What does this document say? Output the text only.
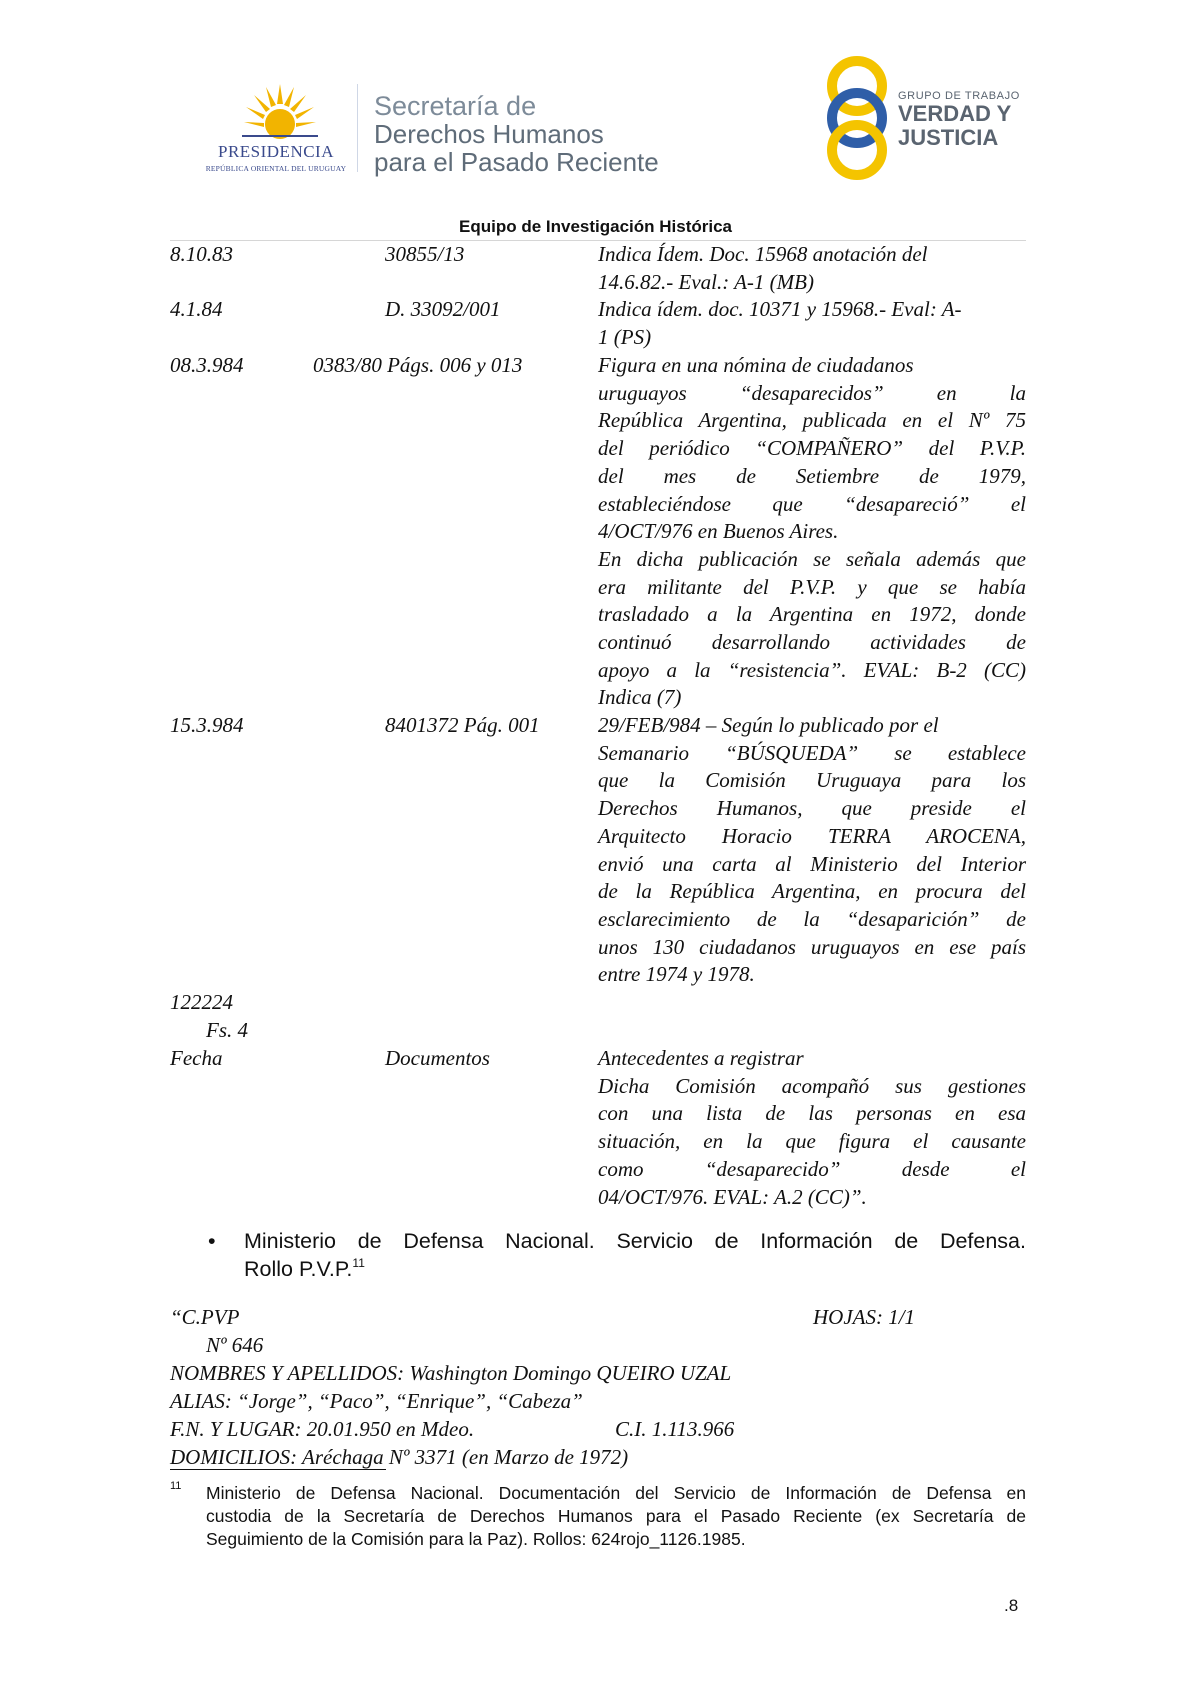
PRESIDENCIA
REPÚBLICA ORIENTAL DEL URUGUAY
Secretaría de
Derechos Humanos
para el Pasado Reciente
GRUPO DE TRABAJO
VERDAD Y
JUSTICIA
Equipo de Investigación Histórica
8.10.83	30855/13	Indica Ídem. Doc. 15968 anotación del
14.6.82.- Eval.: A-1 (MB)
4.1.84	D. 33092/001	Indica ídem. doc. 10371 y 15968.- Eval: A-
1 (PS)
08.3.984	0383/80 Págs. 006 y 013	Figura en una nómina de ciudadanos
uruguayos “desaparecidos” en la
República Argentina, publicada en el Nº 75
del periódico “COMPAÑERO” del P.V.P.
del mes de Setiembre de 1979,
estableciéndose que “desapareció” el
4/OCT/976 en Buenos Aires.
En dicha publicación se señala además que
era militante del P.V.P. y que se había
trasladado a la Argentina en 1972, donde
continuó desarrollando actividades de
apoyo a la “resistencia”. EVAL: B-2 (CC)
Indica (7)
15.3.984	8401372 Pág. 001	29/FEB/984 – Según lo publicado por el
Semanario “BÚSQUEDA” se establece
que la Comisión Uruguaya para los
Derechos Humanos, que preside el
Arquitecto Horacio TERRA AROCENA,
envió una carta al Ministerio del Interior
de la República Argentina, en procura del
esclarecimiento de la “desaparición” de
unos 130 ciudadanos uruguayos en ese país
entre 1974 y 1978.
122224
Fs. 4
Fecha	Documentos	Antecedentes a registrar
Dicha Comisión acompañó sus gestiones
con una lista de las personas en esa
situación, en la que figura el causante
como “desaparecido” desde el
04/OCT/976. EVAL: A.2 (CC)”.
• Ministerio de Defensa Nacional. Servicio de Información de Defensa.
Rollo P.V.P.$^{11}$
“C.PVP	HOJAS: 1/1
Nº 646
NOMBRES Y APELLIDOS: Washington Domingo QUEIRO UZAL
ALIAS: “Jorge”, “Paco”, “Enrique”, “Cabeza”
F.N. Y LUGAR: 20.01.950 en Mdeo.	C.I. 1.113.966
DOMICILIOS: Aréchaga Nº 3371 (en Marzo de 1972)
11 Ministerio de Defensa Nacional. Documentación del Servicio de Información de Defensa en
custodia de la Secretaría de Derechos Humanos para el Pasado Reciente (ex Secretaría de
Seguimiento de la Comisión para la Paz). Rollos: 624rojo_1126.1985.
.8
